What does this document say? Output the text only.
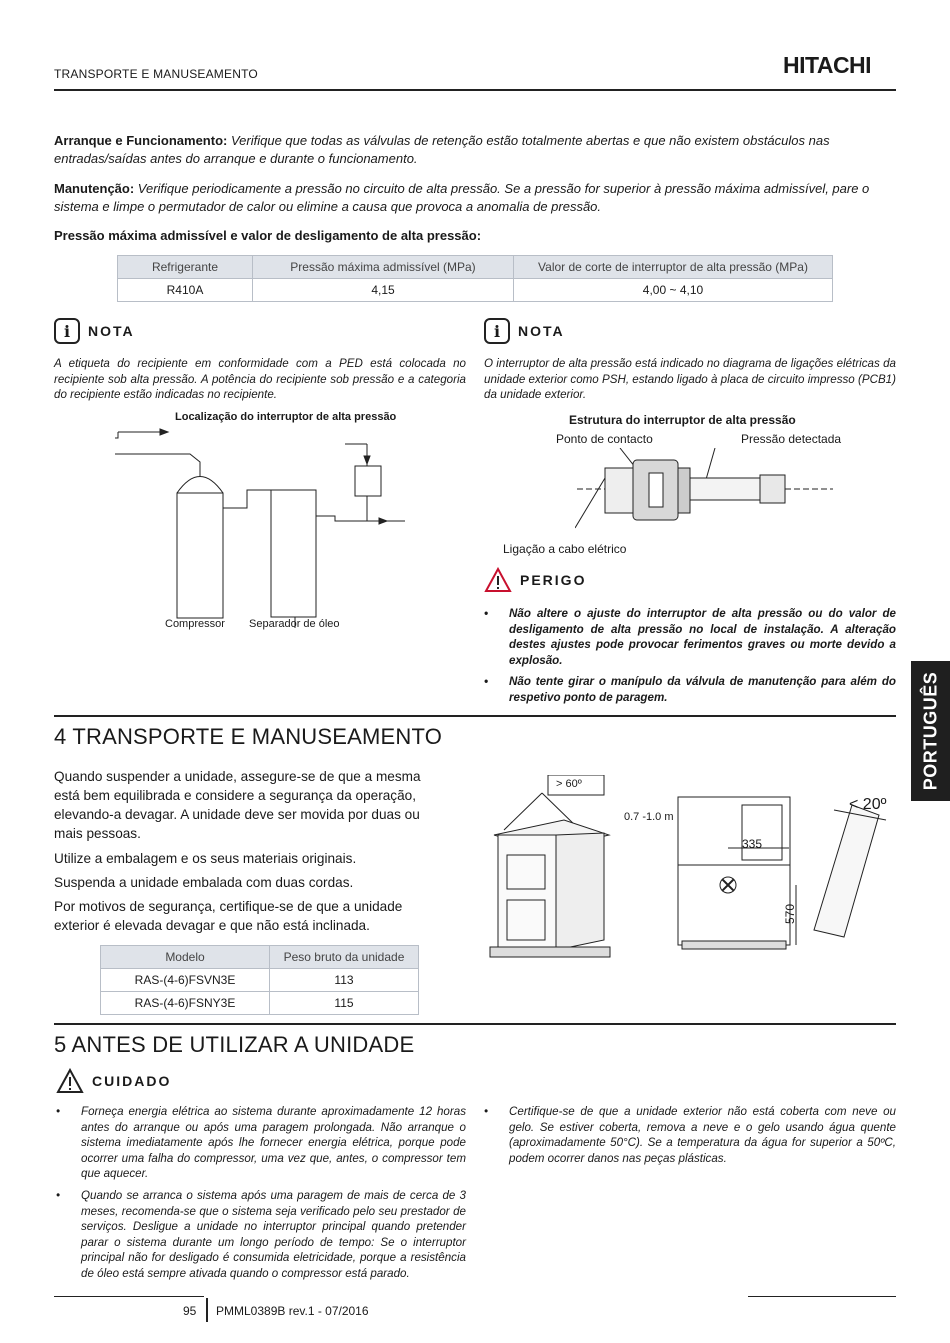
TRANSPORTE E MANUSEAMENTO	HITACHI

Arranque e Funcionamento: Verifique que todas as válvulas de retenção estão totalmente abertas e que não existem obstáculos nas entradas/saídas antes do arranque e durante o funcionamento.

Manutenção: Verifique periodicamente a pressão no circuito de alta pressão. Se a pressão for superior à pressão máxima admissível, pare o sistema e limpe o permutador de calor ou elimine a causa que provoca a anomalia de pressão.

Pressão máxima admissível e valor de desligamento de alta pressão:
Refrigerante	Pressão máxima admissível (MPa)	Valor de corte de interruptor de alta pressão (MPa)
R410A	4,15	4,00 ~ 4,10
i	NOTA

A etiqueta do recipiente em conformidade com a PED está colocada no recipiente sob alta pressão. A potência do recipiente sob pressão e a categoria do recipiente estão indicadas no recipiente.

Localização do interruptor de alta pressão
Compressor Separador de óleo
i	NOTA

O interruptor de alta pressão está indicado no diagrama de ligações elétricas da unidade exterior como PSH, estando ligado à placa de circuito impresso (PCB1) da unidade exterior.

Estrutura do interruptor de alta pressão
Ponto de contacto	Pressão detectada
Ligação a cabo elétrico
PERIGO
• Não altere o ajuste do interruptor de alta pressão ou do valor de desligamento de alta pressão no local de instalação. A alteração destes ajustes pode provocar ferimentos graves ou morte devido a explosão.
• Não tente girar o manípulo da válvula de manutenção para além do respetivo ponto de paragem.	PORTUGUÊS
4 TRANSPORTE E MANUSEAMENTO

Quando suspender a unidade, assegure-se de que a mesma está bem equilibrada e considere a segurança da operação, elevando-a devagar. A unidade deve ser movida por duas ou mais pessoas.

Utilize a embalagem e os seus materiais originais.

Suspenda a unidade embalada com duas cordas.

Por motivos de segurança, certifique-se de que a unidade exterior é elevada devagar e que não está inclinada.

Modelo	Peso bruto da unidade
RAS-(4-6)FSVN3E	113
RAS-(4-6)FSNY3E	115
> 60º
0.7 -1.0 m
335
570
< 20º
5 ANTES DE UTILIZAR A UNIDADE
CUIDADO
• Forneça energia elétrica ao sistema durante aproximadamente 12 horas antes do arranque ou após uma paragem prolongada. Não arranque o sistema imediatamente após lhe fornecer energia elétrica, porque pode ocorrer uma falha do compressor, uma vez que, antes, o compressor tem que aquecer.
• Quando se arranca o sistema após uma paragem de mais de cerca de 3 meses, recomenda-se que o sistema seja verificado pelo seu prestador de serviços. Desligue a unidade no interruptor principal quando pretender parar o sistema durante um longo período de tempo: Se o interruptor principal não for desligado é consumida eletricidade, porque a resistência de óleo está sempre ativada quando o compressor está parado.
• Certifique-se de que a unidade exterior não está coberta com neve ou gelo. Se estiver coberta, remova a neve e o gelo usando água quente (aproximadamente 50°C). Se a temperatura da água for superior a 50ºC, podem ocorrer danos nas peças plásticas.
95 PMML0389B rev.1 - 07/2016
